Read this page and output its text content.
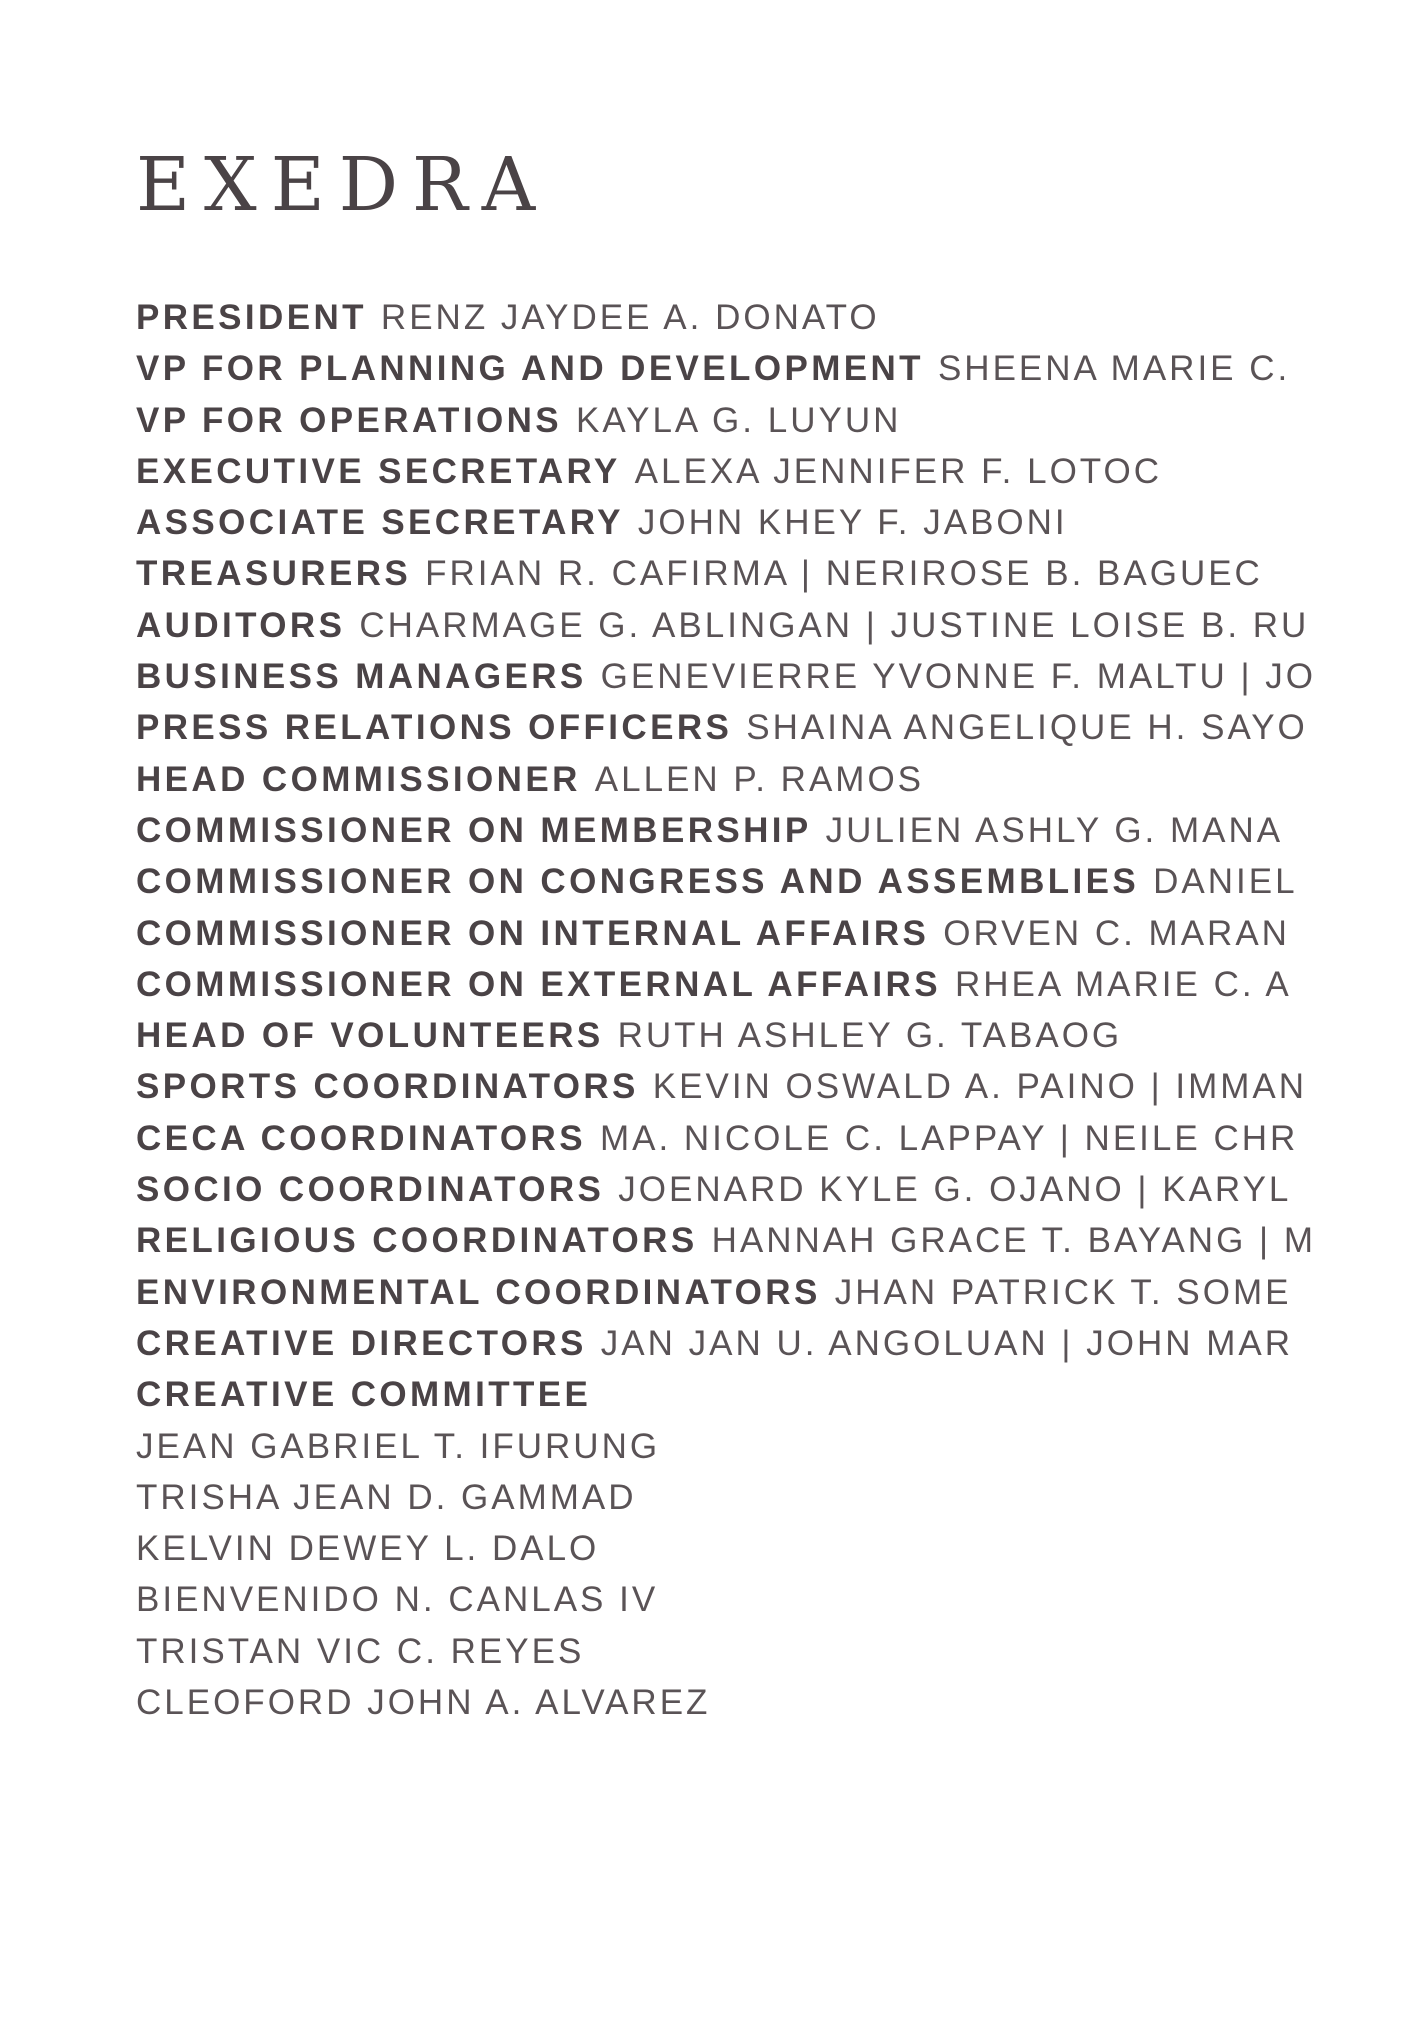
EXEDRA
PRESIDENT RENZ JAYDEE A. DONATO
VP FOR PLANNING AND DEVELOPMENT SHEENA MARIE C.
VP FOR OPERATIONS KAYLA G. LUYUN
EXECUTIVE SECRETARY ALEXA JENNIFER F. LOTOC
ASSOCIATE SECRETARY JOHN KHEY F. JABONI
TREASURERS FRIAN R. CAFIRMA | NERIROSE B. BAGUEC
AUDITORS CHARMAGE G. ABLINGAN | JUSTINE LOISE B. RU
BUSINESS MANAGERS GENEVIERRE YVONNE F. MALTU | JO
PRESS RELATIONS OFFICERS SHAINA ANGELIQUE H. SAYO
HEAD COMMISSIONER ALLEN P. RAMOS
COMMISSIONER ON MEMBERSHIP JULIEN ASHLY G. MANA
COMMISSIONER ON CONGRESS AND ASSEMBLIES DANIEL
COMMISSIONER ON INTERNAL AFFAIRS ORVEN C. MARAN
COMMISSIONER ON EXTERNAL AFFAIRS RHEA MARIE C. A
HEAD OF VOLUNTEERS RUTH ASHLEY G. TABAOG
SPORTS COORDINATORS KEVIN OSWALD A. PAINO | IMMAN
CECA COORDINATORS MA. NICOLE C. LAPPAY | NEILE CHR
SOCIO COORDINATORS JOENARD KYLE G. OJANO | KARYL
RELIGIOUS COORDINATORS HANNAH GRACE T. BAYANG | M
ENVIRONMENTAL COORDINATORS JHAN PATRICK T. SOME
CREATIVE DIRECTORS JAN JAN U. ANGOLUAN | JOHN MAR
CREATIVE COMMITTEE
JEAN GABRIEL T. IFURUNG
TRISHA JEAN D. GAMMAD
KELVIN DEWEY L. DALO
BIENVENIDO N. CANLAS IV
TRISTAN VIC C. REYES
CLEOFORD JOHN A. ALVAREZ
